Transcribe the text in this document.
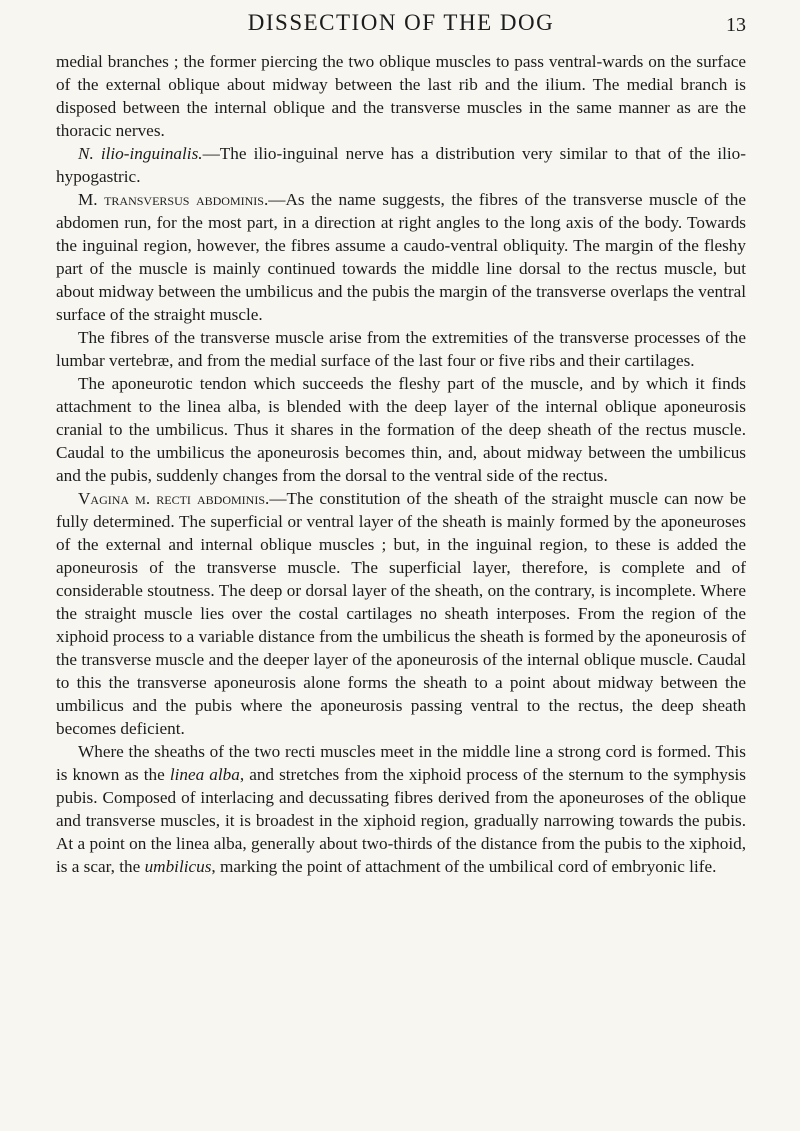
DISSECTION OF THE DOG	13

medial branches ; the former piercing the two oblique muscles to pass ventral-wards on the surface of the external oblique about midway between the last rib and the ilium. The medial branch is disposed between the internal oblique and the transverse muscles in the same manner as are the thoracic nerves.

N. ilio-inguinalis.—The ilio-inguinal nerve has a distribution very similar to that of the ilio-hypogastric.

M. transversus abdominis.—As the name suggests, the fibres of the transverse muscle of the abdomen run, for the most part, in a direction at right angles to the long axis of the body. Towards the inguinal region, however, the fibres assume a caudo-ventral obliquity. The margin of the fleshy part of the muscle is mainly continued towards the middle line dorsal to the rectus muscle, but about midway between the umbilicus and the pubis the margin of the transverse overlaps the ventral surface of the straight muscle.

The fibres of the transverse muscle arise from the extremities of the transverse processes of the lumbar vertebræ, and from the medial surface of the last four or five ribs and their cartilages.

The aponeurotic tendon which succeeds the fleshy part of the muscle, and by which it finds attachment to the linea alba, is blended with the deep layer of the internal oblique aponeurosis cranial to the umbilicus. Thus it shares in the formation of the deep sheath of the rectus muscle. Caudal to the umbilicus the aponeurosis becomes thin, and, about midway between the umbilicus and the pubis, suddenly changes from the dorsal to the ventral side of the rectus.

Vagina m. recti abdominis.—The constitution of the sheath of the straight muscle can now be fully determined. The superficial or ventral layer of the sheath is mainly formed by the aponeuroses of the external and internal oblique muscles ; but, in the inguinal region, to these is added the aponeurosis of the transverse muscle. The superficial layer, therefore, is complete and of considerable stoutness. The deep or dorsal layer of the sheath, on the contrary, is incomplete. Where the straight muscle lies over the costal cartilages no sheath interposes. From the region of the xiphoid process to a variable distance from the umbilicus the sheath is formed by the aponeurosis of the transverse muscle and the deeper layer of the aponeurosis of the internal oblique muscle. Caudal to this the transverse aponeurosis alone forms the sheath to a point about midway between the umbilicus and the pubis where the aponeurosis passing ventral to the rectus, the deep sheath becomes deficient.

Where the sheaths of the two recti muscles meet in the middle line a strong cord is formed. This is known as the linea alba, and stretches from the xiphoid process of the sternum to the symphysis pubis. Composed of interlacing and decussating fibres derived from the aponeuroses of the oblique and transverse muscles, it is broadest in the xiphoid region, gradually narrowing towards the pubis. At a point on the linea alba, generally about two-thirds of the distance from the pubis to the xiphoid, is a scar, the umbilicus, marking the point of attachment of the umbilical cord of embryonic life.
